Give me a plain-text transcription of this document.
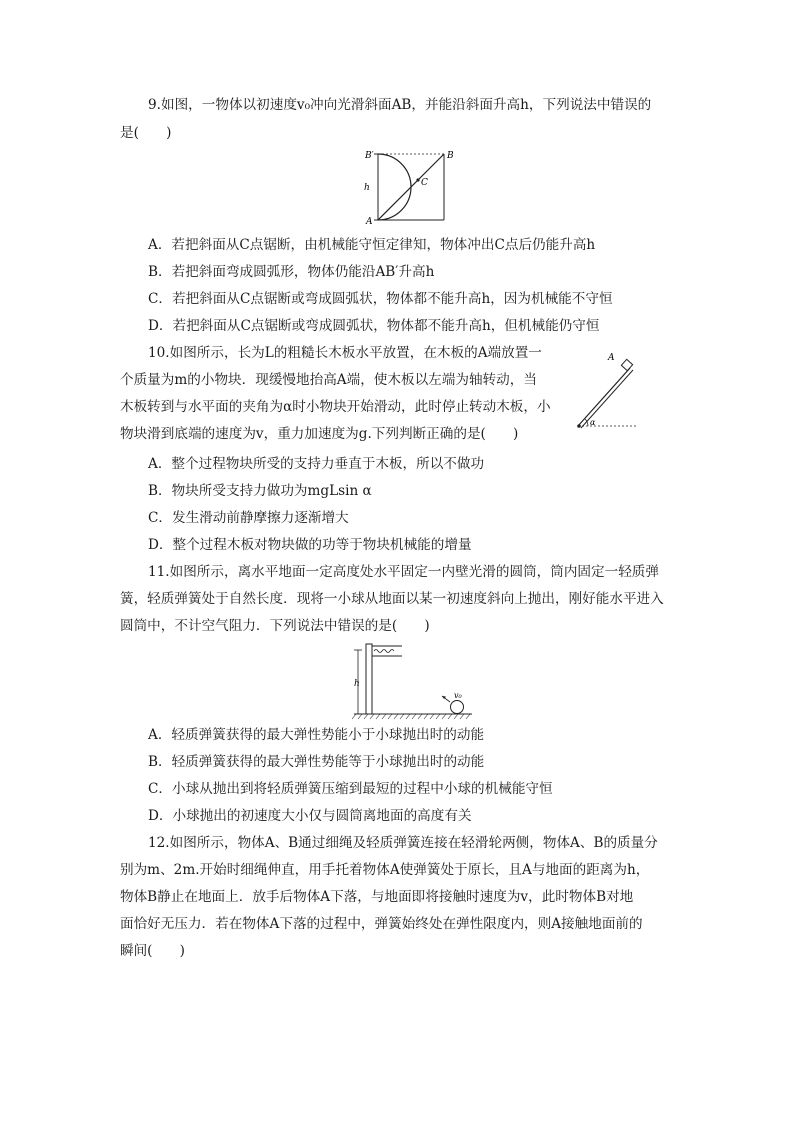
9.如图，一物体以初速度v₀冲向光滑斜面AB，并能沿斜面升高h，下列说法中错误的
是(　　)
B′	B
h	C
A
A．若把斜面从C点锯断，由机械能守恒定律知，物体冲出C点后仍能升高h
B．若把斜面弯成圆弧形，物体仍能沿AB′升高h
C．若把斜面从C点锯断或弯成圆弧状，物体都不能升高h，因为机械能不守恒
D．若把斜面从C点锯断或弯成圆弧状，物体都不能升高h，但机械能仍守恒
10.如图所示，长为L的粗糙长木板水平放置，在木板的A端放置一
个质量为m的小物块．现缓慢地抬高A端，使木板以左端为轴转动，当
木板转到与水平面的夹角为α时小物块开始滑动，此时停止转动木板，小
物块滑到底端的速度为v，重力加速度为g.下列判断正确的是(　　)
α
A
A．整个过程物块所受的支持力垂直于木板，所以不做功
B．物块所受支持力做功为mgLsin α
C．发生滑动前静摩擦力逐渐增大
D．整个过程木板对物块做的功等于物块机械能的增量
11.如图所示，离水平地面一定高度处水平固定一内壁光滑的圆筒，筒内固定一轻质弹
簧，轻质弹簧处于自然长度．现将一小球从地面以某一初速度斜向上抛出，刚好能水平进入
圆筒中，不计空气阻力．下列说法中错误的是(　　)
h
v₀
A．轻质弹簧获得的最大弹性势能小于小球抛出时的动能
B．轻质弹簧获得的最大弹性势能等于小球抛出时的动能
C．小球从抛出到将轻质弹簧压缩到最短的过程中小球的机械能守恒
D．小球抛出的初速度大小仅与圆筒离地面的高度有关
12.如图所示，物体A、B通过细绳及轻质弹簧连接在轻滑轮两侧，物体A、B的质量分
别为m、2m.开始时细绳伸直，用手托着物体A使弹簧处于原长，且A与地面的距离为h，
物体B静止在地面上．放手后物体A下落，与地面即将接触时速度为v，此时物体B对地
面恰好无压力．若在物体A下落的过程中，弹簧始终处在弹性限度内，则A接触地面前的
瞬间(　　)
